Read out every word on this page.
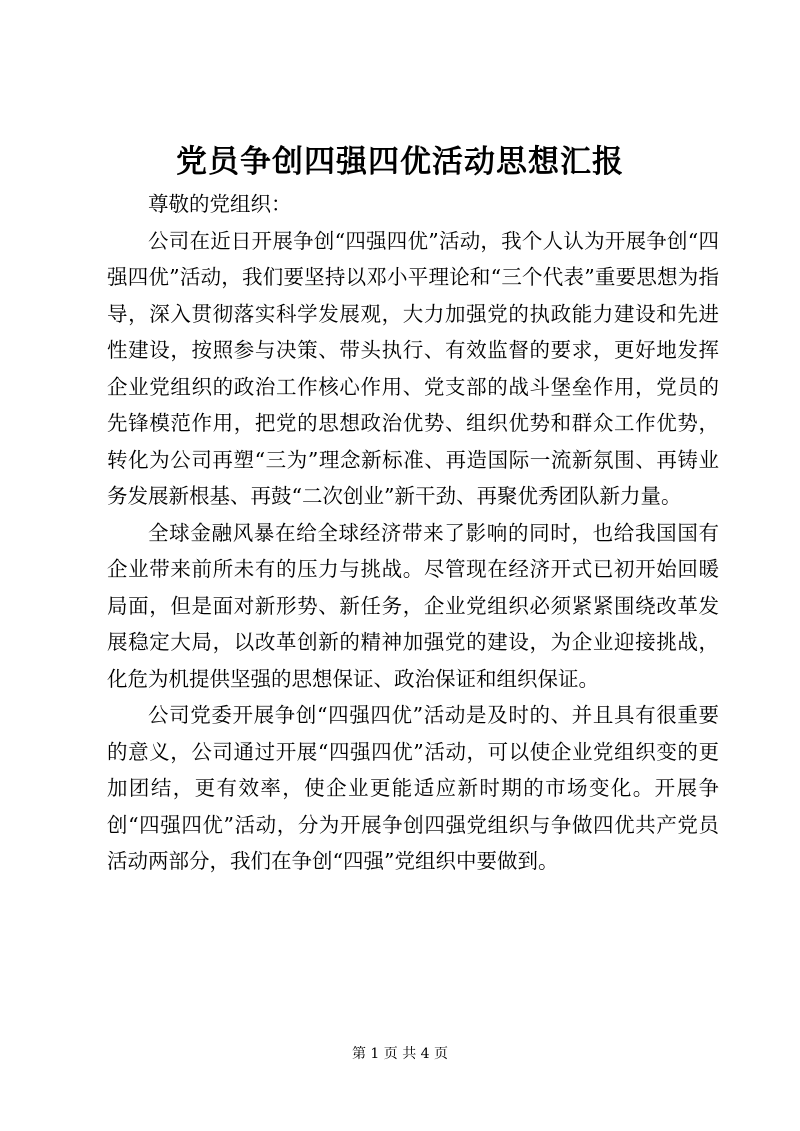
党员争创四强四优活动思想汇报

尊敬的党组织：

公司在近日开展争创“四强四优”活动，我个人认为开展争创“四强四优”活动，我们要坚持以邓小平理论和“三个代表”重要思想为指导，深入贯彻落实科学发展观，大力加强党的执政能力建设和先进性建设，按照参与决策、带头执行、有效监督的要求，更好地发挥企业党组织的政治工作核心作用、党支部的战斗堡垒作用，党员的先锋模范作用，把党的思想政治优势、组织优势和群众工作优势，转化为公司再塑“三为”理念新标准、再造国际一流新氛围、再铸业务发展新根基、再鼓“二次创业”新干劲、再聚优秀团队新力量。

全球金融风暴在给全球经济带来了影响的同时，也给我国国有企业带来前所未有的压力与挑战。尽管现在经济开式已初开始回暖局面，但是面对新形势、新任务，企业党组织必须紧紧围绕改革发展稳定大局，以改革创新的精神加强党的建设，为企业迎接挑战，化危为机提供坚强的思想保证、政治保证和组织保证。

公司党委开展争创“四强四优”活动是及时的、并且具有很重要的意义，公司通过开展“四强四优”活动，可以使企业党组织变的更加团结，更有效率，使企业更能适应新时期的市场变化。开展争创“四强四优”活动，分为开展争创四强党组织与争做四优共产党员活动两部分，我们在争创“四强”党组织中要做到。

第 1 页 共 4 页
